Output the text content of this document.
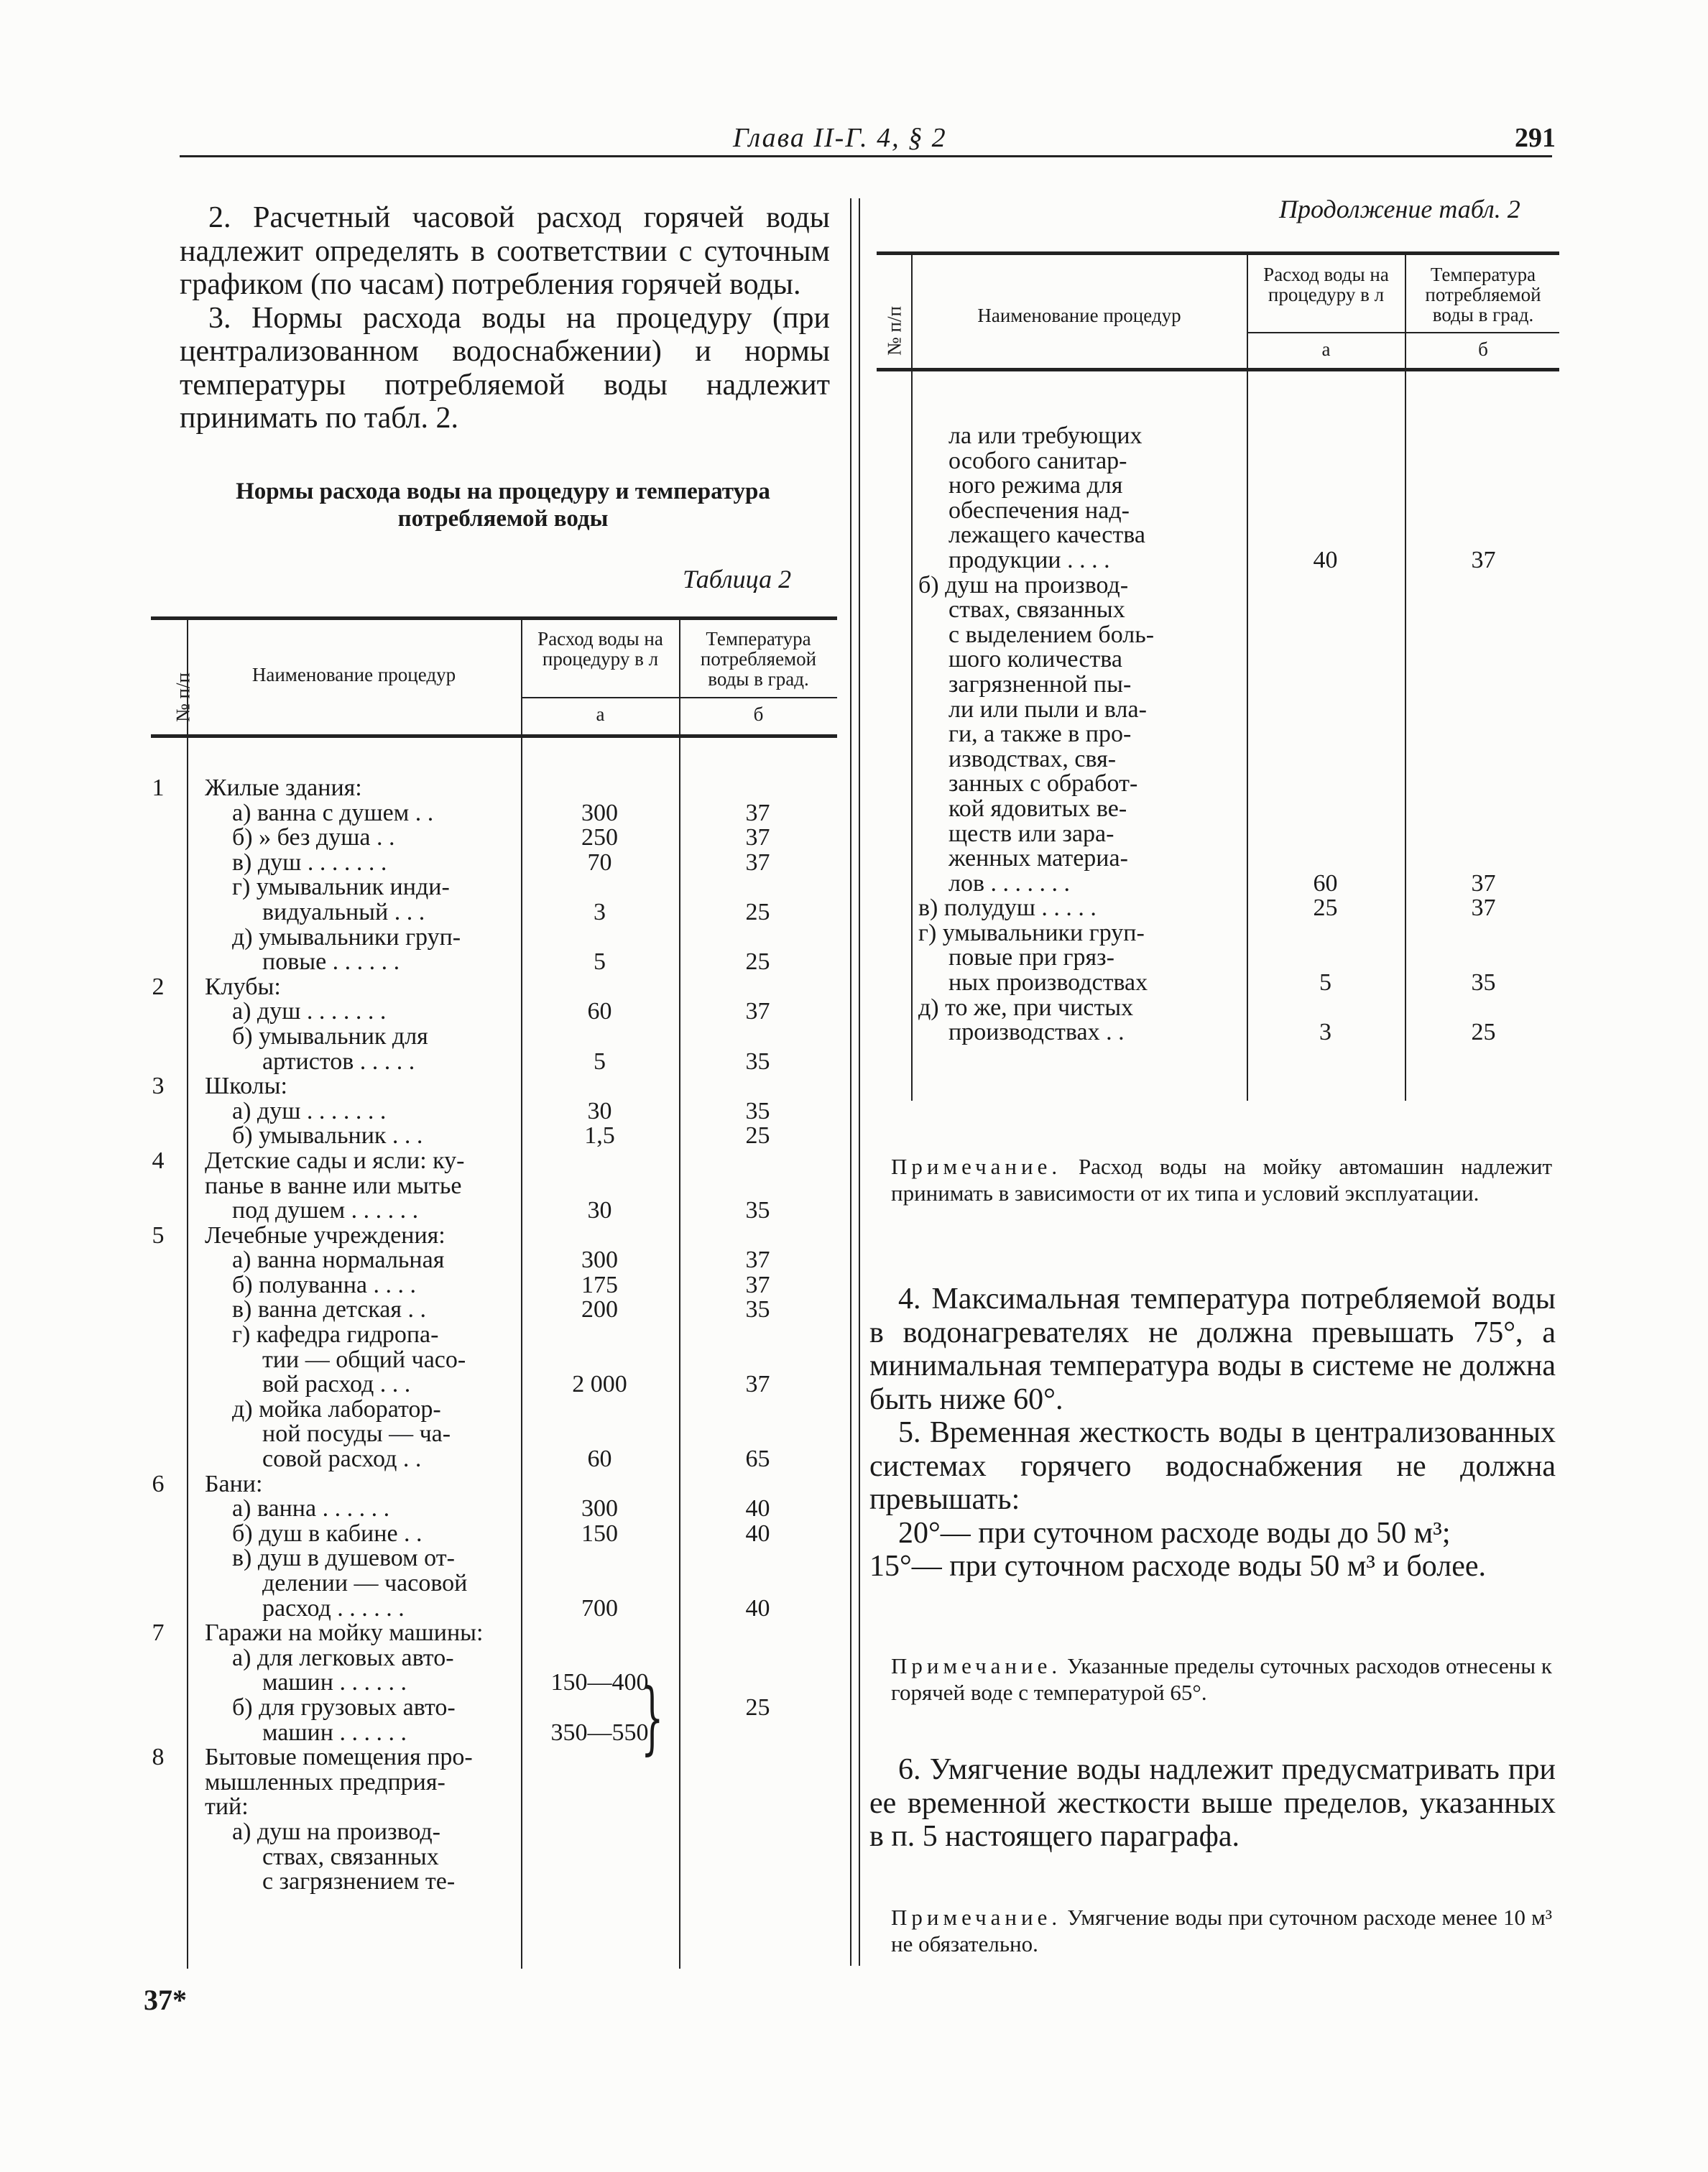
Глава II-Г. 4, § 2	291

2. Расчетный часовой расход горячей воды надлежит определять в соответствии с суточным графиком (по часам) потребления горячей воды.

3. Нормы расхода воды на процедуру (при централизованном водоснабжении) и нормы температуры потребляемой воды надлежит принимать по табл. 2.

Нормы расхода воды на процедуру и температура потребляемой воды
Таблица 2
№ п/п	Наименование процедур
Расход воды на процедуру в л
Температура потребляемой воды в град.
а	б
1 Жилые здания:
а) ванна с душем . .	300	37
б) » без душа . .	250	37
в) душ . . . . . . .	70	37
г) умывальник инди-
видуальный . . .	3	25
д) умывальники груп-
повые . . . . . .	5	25
2 Клубы:
а) душ . . . . . . .	60	37
б) умывальник для
артистов . . . . .	5	35
3 Школы:
а) душ . . . . . . .	30	35
б) умывальник . . .	1,5	25
4 Детские сады и ясли: ку-
панье в ванне или мытье
под душем . . . . . .	30	35
5 Лечебные учреждения:
а) ванна нормальная	300	37
б) полуванна . . . .	175	37
в) ванна детская . .	200	35
г) кафедра гидропа-
тии — общий часо-
вой расход . . .	2 000	37
д) мойка лаборатор-
ной посуды — ча-
совой расход . .	60	65
6 Бани:
а) ванна . . . . . .	300	40
б) душ в кабине . .	150	40
в) душ в душевом от-
делении — часовой
расход . . . . . .	700	40
7 Гаражи на мойку машины:
а) для легковых авто-
машин . . . . . .	150—400
б) для грузовых авто-	25
машин . . . . . .	350—550
8 Бытовые помещения про-
мышленных предприя-
тий:
а) душ на производ-
ствах, связанных
с загрязнением те-
}
Продолжение табл. 2
№ п/п	Наименование процедур
Расход воды на процедуру в л
Температура потребляемой воды в град.
а	б
ла или требующих
особого санитар-
ного режима для
обеспечения над-
лежащего качества
продукции . . . .	40	37
б) душ на производ-
ствах, связанных
с выделением боль-
шого количества
загрязненной пы-
ли или пыли и вла-
ги, а также в про-
изводствах, свя-
занных с обработ-
кой ядовитых ве-
ществ или зара-
женных материа-
лов . . . . . . .	60	37
в) полудуш . . . . .	25	37
г) умывальники груп-
повые при гряз-
ных производствах	5	35
д) то же, при чистых
производствах . .	3	25
Примечание. Расход воды на мойку автомашин надлежит принимать в зависимости от их типа и условий эксплуатации.

4. Максимальная температура потребляемой воды в водонагревателях не должна превышать 75°, а минимальная температура воды в системе не должна быть ниже 60°.

5. Временная жесткость воды в централизованных системах горячего водоснабжения не должна превышать:

20°— при суточном расходе воды до 50 м³;

15°— при суточном расходе воды 50 м³ и более.

Примечание. Указанные пределы суточных расходов отнесены к горячей воде с температурой 65°.

6. Умягчение воды надлежит предусматривать при ее временной жесткости выше пределов, указанных в п. 5 настоящего параграфа.

Примечание. Умягчение воды при суточном расходе менее 10 м³ не обязательно.
37*
